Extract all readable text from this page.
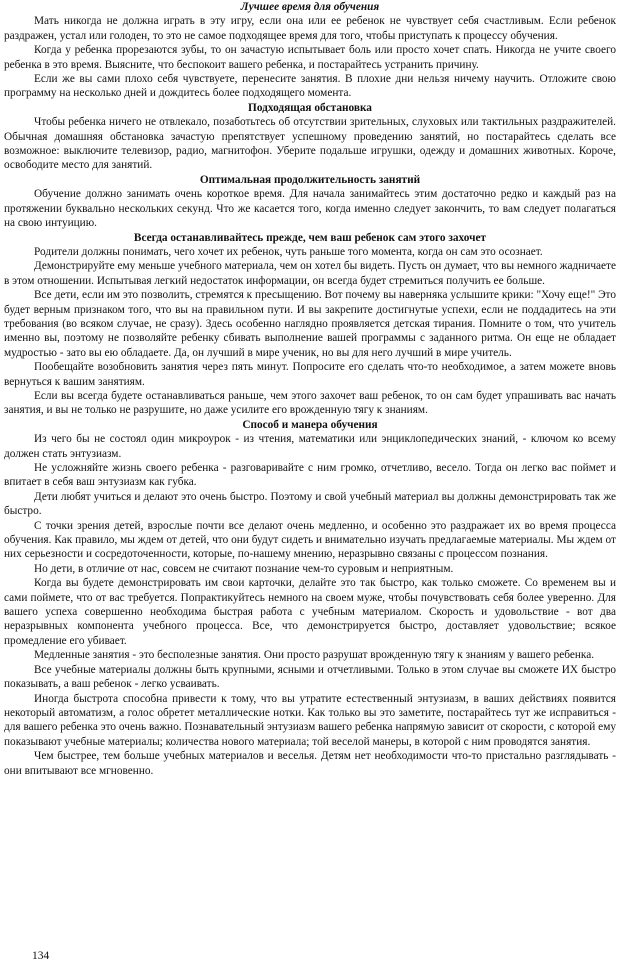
Лучшее время для обучения

Мать никогда не должна играть в эту игру, если она или ее ребенок не чувствует себя счастливым. Если ребенок раздражен, устал или голоден, то это не самое подходящее время для того, чтобы приступать к процессу обучения.

Когда у ребенка прорезаются зубы, то он зачастую испытывает боль или просто хочет спать. Никогда не учите своего ребенка в это время. Выясните, что беспокоит вашего ребенка, и постарайтесь устранить причину.

Если же вы сами плохо себя чувствуете, перенесите занятия. В плохие дни нельзя ничему научить. Отложите свою программу на несколько дней и дождитесь более подходящего момента.

Подходящая обстановка

Чтобы ребенка ничего не отвлекало, позаботьтесь об отсутствии зрительных, слуховых или тактильных раздражителей. Обычная домашняя обстановка зачастую препятствует успешному проведению занятий, но постарайтесь сделать все возможное: выключите телевизор, радио, магнитофон. Уберите подальше игрушки, одежду и домашних животных. Короче, освободите место для занятий.

Оптимальная продолжительность занятий

Обучение должно занимать очень короткое время. Для начала занимайтесь этим достаточно редко и каждый раз на протяжении буквально нескольких секунд. Что же касается того, когда именно следует закончить, то вам следует полагаться на свою интуицию.

Всегда останавливайтесь прежде, чем ваш ребенок сам этого захочет

Родители должны понимать, чего хочет их ребенок, чуть раньше того момента, когда он сам это осознает.

Демонстрируйте ему меньше учебного материала, чем он хотел бы видеть. Пусть он думает, что вы немного жадничаете в этом отношении. Испытывая легкий недостаток информации, он всегда будет стремиться получить ее больше.

Все дети, если им это позволить, стремятся к пресыщению. Вот почему вы наверняка услышите крики: "Хочу еще!" Это будет верным признаком того, что вы на правильном пути. И вы закрепите достигнутые успехи, если не поддадитесь на эти требования (во всяком случае, не сразу). Здесь особенно наглядно проявляется детская тирания. Помните о том, что учитель именно вы, поэтому не позволяйте ребенку сбивать выполнение вашей программы с заданного ритма. Он еще не обладает мудростью - зато вы ею обладаете. Да, он лучший в мире ученик, но вы для него лучший в мире учитель.

Пообещайте возобновить занятия через пять минут. Попросите его сделать что-то необходимое, а затем можете вновь вернуться к вашим занятиям.

Если вы всегда будете останавливаться раньше, чем этого захочет ваш ребенок, то он сам будет упрашивать вас начать занятия, и вы не только не разрушите, но даже усилите его врожденную тягу к знаниям.

Способ и манера обучения

Из чего бы не состоял один микроурок - из чтения, математики или энциклопедических знаний, - ключом ко всему должен стать энтузиазм.

Не усложняйте жизнь своего ребенка - разговаривайте с ним громко, отчетливо, весело. Тогда он легко вас поймет и впитает в себя ваш энтузиазм как губка.

Дети любят учиться и делают это очень быстро. Поэтому и свой учебный материал вы должны демонстрировать так же быстро.

С точки зрения детей, взрослые почти все делают очень медленно, и особенно это раздражает их во время процесса обучения. Как правило, мы ждем от детей, что они будут сидеть и внимательно изучать предлагаемые материалы. Мы ждем от них серьезности и сосредоточенности, которые, по-нашему мнению, неразрывно связаны с процессом познания.

Но дети, в отличие от нас, совсем не считают познание чем-то суровым и неприятным.

Когда вы будете демонстрировать им свои карточки, делайте это так быстро, как только сможете. Со временем вы и сами поймете, что от вас требуется. Попрактикуйтесь немного на своем муже, чтобы почувствовать себя более уверенно. Для вашего успеха совершенно необходима быстрая работа с учебным материалом. Скорость и удовольствие - вот два неразрывных компонента учебного процесса. Все, что демонстрируется быстро, доставляет удовольствие; всякое промедление его убивает.

Медленные занятия - это бесполезные занятия. Они просто разрушат врожденную тягу к знаниям у вашего ребенка.

Все учебные материалы должны быть крупными, ясными и отчетливыми. Только в этом случае вы сможете ИХ быстро показывать, а ваш ребенок - легко усваивать.

Иногда быстрота способна привести к тому, что вы утратите естественный энтузиазм, в ваших действиях появится некоторый автоматизм, а голос обретет металлические нотки. Как только вы это заметите, постарайтесь тут же исправиться - для вашего ребенка это очень важно. Познавательный энтузиазм вашего ребенка напрямую зависит от скорости, с которой ему показывают учебные материалы; количества нового материала; той веселой манеры, в которой с ним проводятся занятия.

Чем быстрее, тем больше учебных материалов и веселья. Детям нет необходимости что-то пристально разглядывать - они впитывают все мгновенно.

134
